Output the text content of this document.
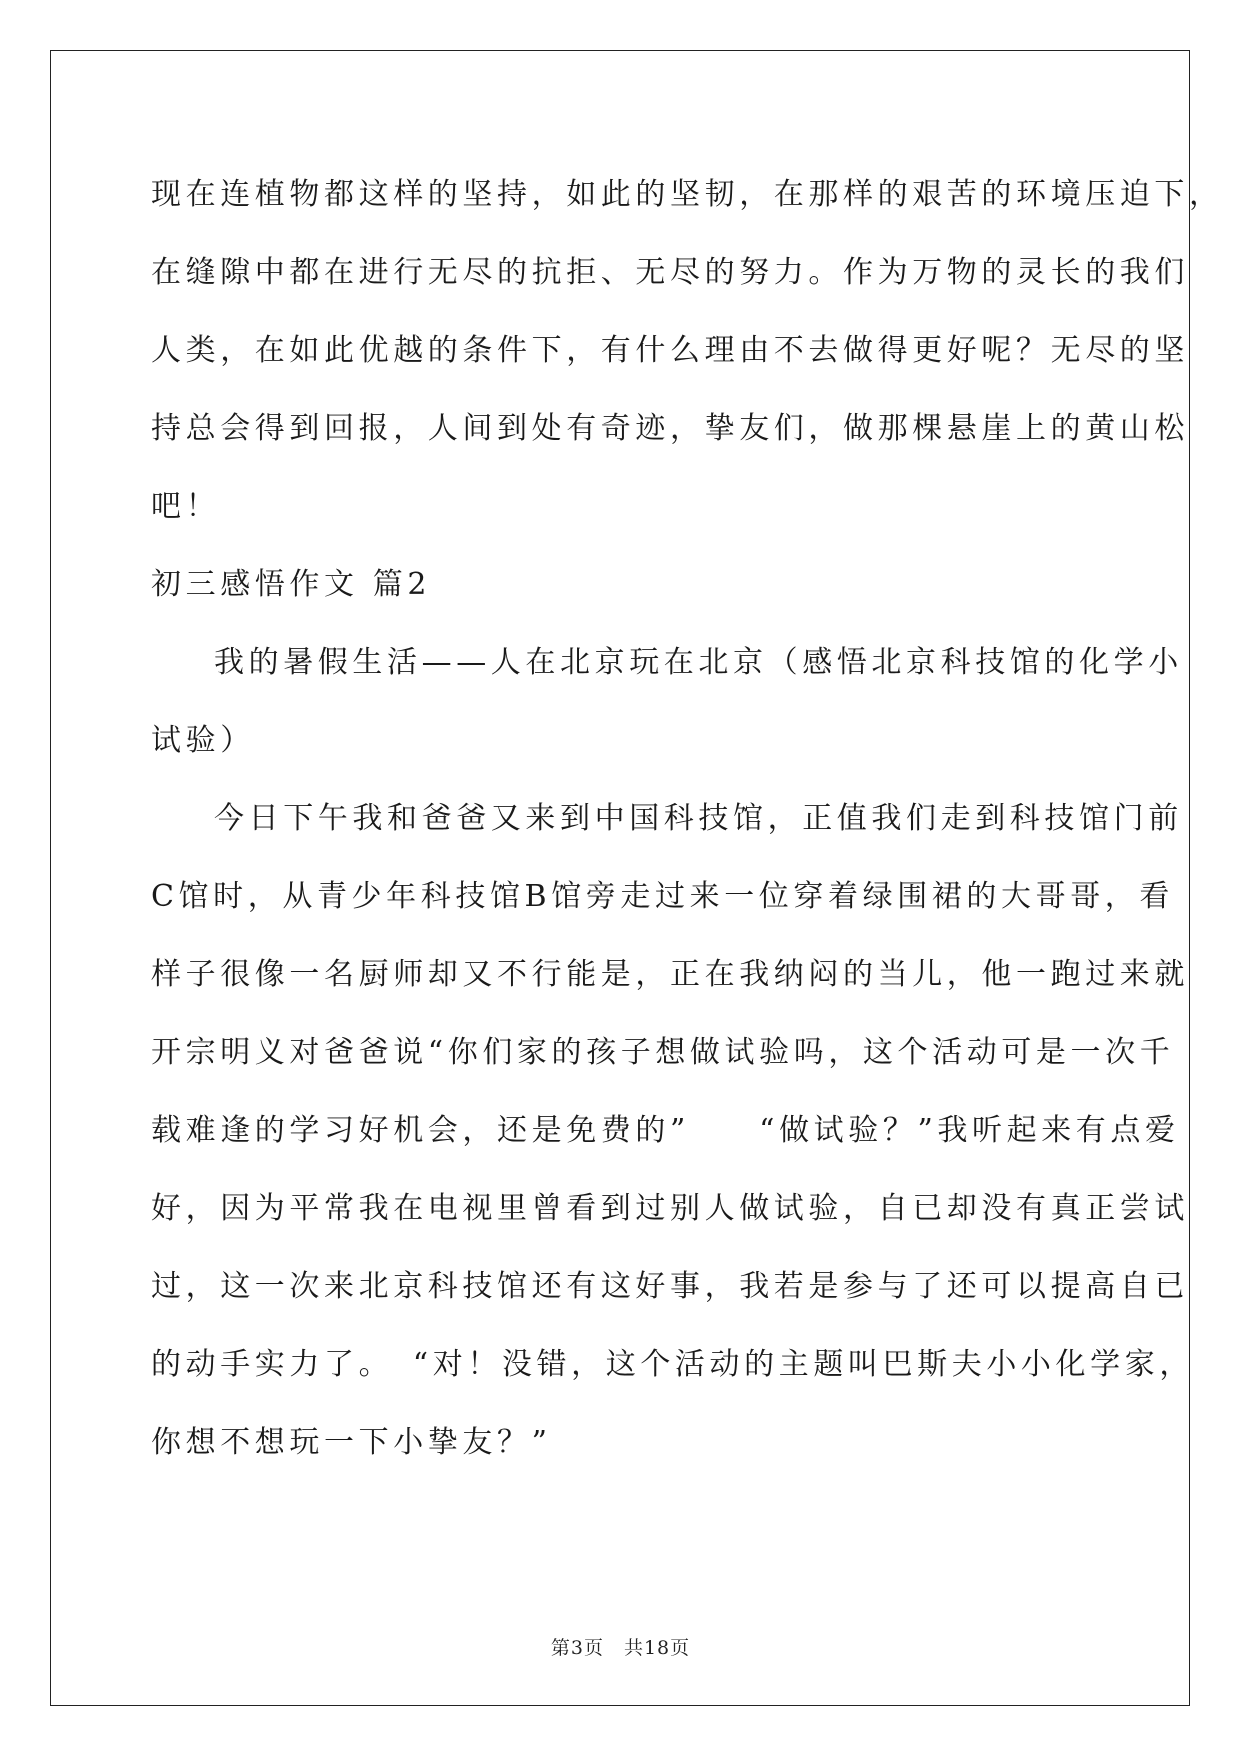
现在连植物都这样的坚持，如此的坚韧，在那样的艰苦的环境压迫下，
在缝隙中都在进行无尽的抗拒、无尽的努力。作为万物的灵长的我们
人类，在如此优越的条件下，有什么理由不去做得更好呢？无尽的坚
持总会得到回报，人间到处有奇迹，挚友们，做那棵悬崖上的黄山松
吧！
初三感悟作文 篇2
我的暑假生活——人在北京玩在北京（感悟北京科技馆的化学小
试验）
今日下午我和爸爸又来到中国科技馆，正值我们走到科技馆门前
C馆时，从青少年科技馆B馆旁走过来一位穿着绿围裙的大哥哥，看
样子很像一名厨师却又不行能是，正在我纳闷的当儿，他一跑过来就
开宗明义对爸爸说“你们家的孩子想做试验吗，这个活动可是一次千
载难逢的学习好机会，还是免费的”　　“做试验？”我听起来有点爱
好，因为平常我在电视里曾看到过别人做试验，自已却没有真正尝试
过，这一次来北京科技馆还有这好事，我若是参与了还可以提高自已
的动手实力了。　“对！没错，这个活动的主题叫巴斯夫小小化学家，
你想不想玩一下小挚友？”
第3页　共18页
